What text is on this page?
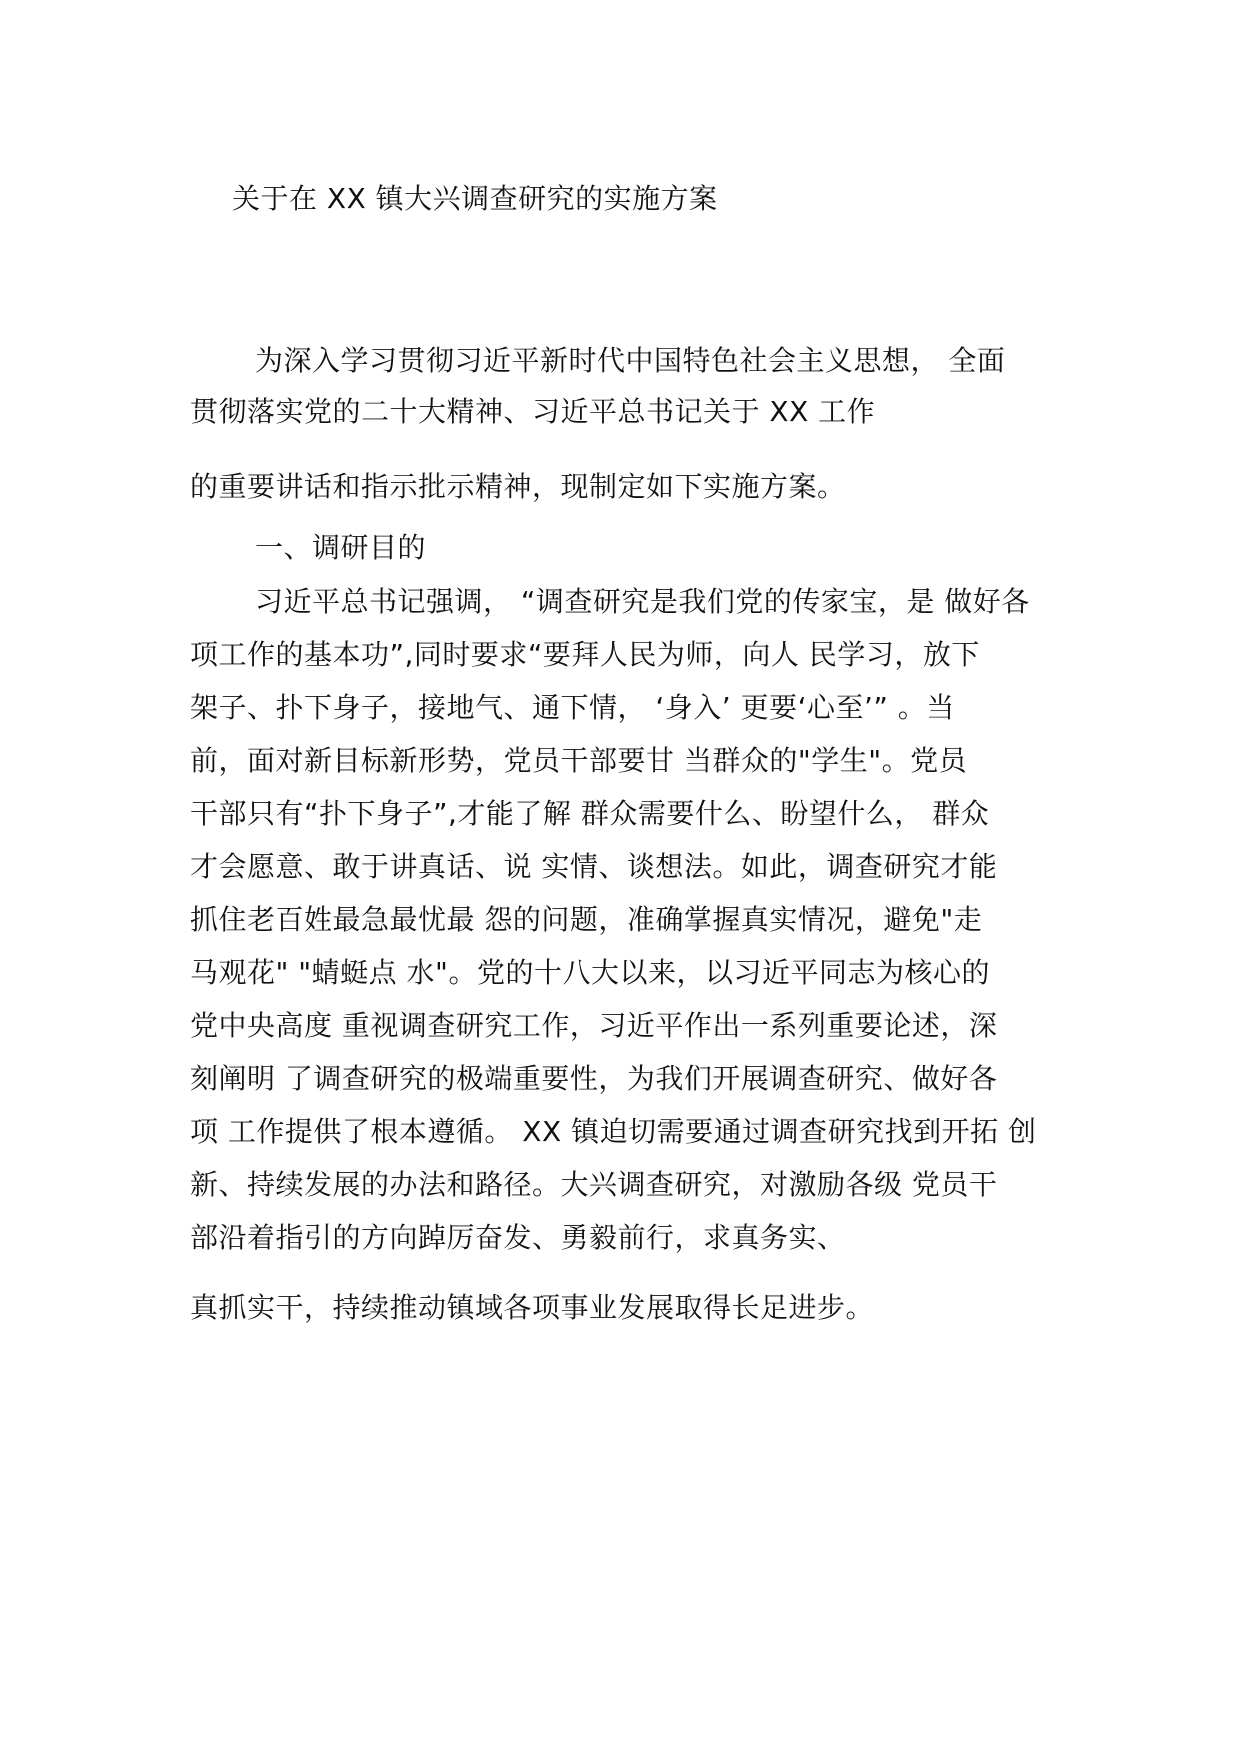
关于在 XX 镇大兴调查研究的实施方案
为深入学习贯彻习近平新时代中国特色社会主义思想， 全面
贯彻落实党的二十大精神、习近平总书记关于 XX 工作
的重要讲话和指示批示精神，现制定如下实施方案。
一、调研目的
习近平总书记强调， “调查研究是我们党的传家宝，是 做好各
项工作的基本功”,同时要求“要拜人民为师，向人 民学习，放下
架子、扑下身子，接地气、通下情， ‘身入’ 更要‘心至’” 。当
前，面对新目标新形势，党员干部要甘 当群众的"学生"。党员
干部只有“扑下身子”,才能了解 群众需要什么、盼望什么， 群众
才会愿意、敢于讲真话、说 实情、谈想法。如此，调查研究才能
抓住老百姓最急最忧最 怨的问题，准确掌握真实情况，避免"走
马观花" "蜻蜓点 水"。党的十八大以来，以习近平同志为核心的
党中央高度 重视调查研究工作，习近平作出一系列重要论述，深
刻阐明 了调查研究的极端重要性，为我们开展调查研究、做好各
项 工作提供了根本遵循。 XX 镇迫切需要通过调查研究找到开拓 创
新、持续发展的办法和路径。大兴调查研究，对激励各级 党员干
部沿着指引的方向踔厉奋发、勇毅前行，求真务实、
真抓实干，持续推动镇域各项事业发展取得长足进步。
